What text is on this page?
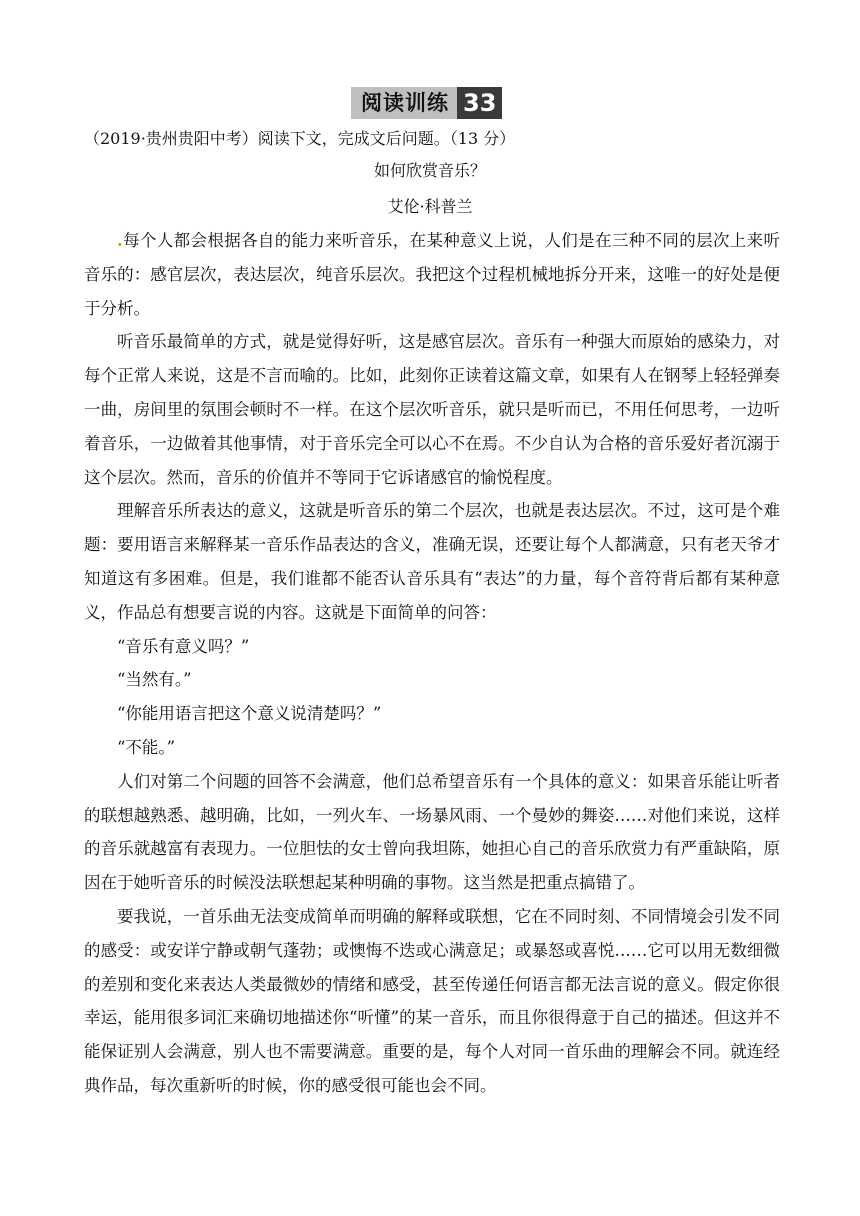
阅读训练 33
（2019·贵州贵阳中考）阅读下文，完成文后问题。（13 分）
如何欣赏音乐？
艾伦·科普兰

.每个人都会根据各自的能力来听音乐，在某种意义上说，人们是在三种不同的层次上来听音乐的：感官层次，表达层次，纯音乐层次。我把这个过程机械地拆分开来，这唯一的好处是便于分析。

听音乐最简单的方式，就是觉得好听，这是感官层次。音乐有一种强大而原始的感染力，对每个正常人来说，这是不言而喻的。比如，此刻你正读着这篇文章，如果有人在钢琴上轻轻弹奏一曲，房间里的氛围会顿时不一样。在这个层次听音乐，就只是听而已，不用任何思考，一边听着音乐，一边做着其他事情，对于音乐完全可以心不在焉。不少自认为合格的音乐爱好者沉溺于这个层次。然而，音乐的价值并不等同于它诉诸感官的愉悦程度。

理解音乐所表达的意义，这就是听音乐的第二个层次，也就是表达层次。不过，这可是个难题：要用语言来解释某一音乐作品表达的含义，准确无误，还要让每个人都满意，只有老天爷才知道这有多困难。但是，我们谁都不能否认音乐具有“表达”的力量，每个音符背后都有某种意义，作品总有想要言说的内容。这就是下面简单的问答：

“音乐有意义吗？”

“当然有。”

“你能用语言把这个意义说清楚吗？”

“不能。”

人们对第二个问题的回答不会满意，他们总希望音乐有一个具体的意义：如果音乐能让听者的联想越熟悉、越明确，比如，一列火车、一场暴风雨、一个曼妙的舞姿……对他们来说，这样的音乐就越富有表现力。一位胆怯的女士曾向我坦陈，她担心自己的音乐欣赏力有严重缺陷，原因在于她听音乐的时候没法联想起某种明确的事物。这当然是把重点搞错了。

要我说，一首乐曲无法变成简单而明确的解释或联想，它在不同时刻、不同情境会引发不同的感受：或安详宁静或朝气蓬勃；或懊悔不迭或心满意足；或暴怒或喜悦……它可以用无数细微的差别和变化来表达人类最微妙的情绪和感受，甚至传递任何语言都无法言说的意义。假定你很幸运，能用很多词汇来确切地描述你“听懂”的某一音乐，而且你很得意于自己的描述。但这并不能保证别人会满意，别人也不需要满意。重要的是，每个人对同一首乐曲的理解会不同。就连经典作品，每次重新听的时候，你的感受很可能也会不同。
